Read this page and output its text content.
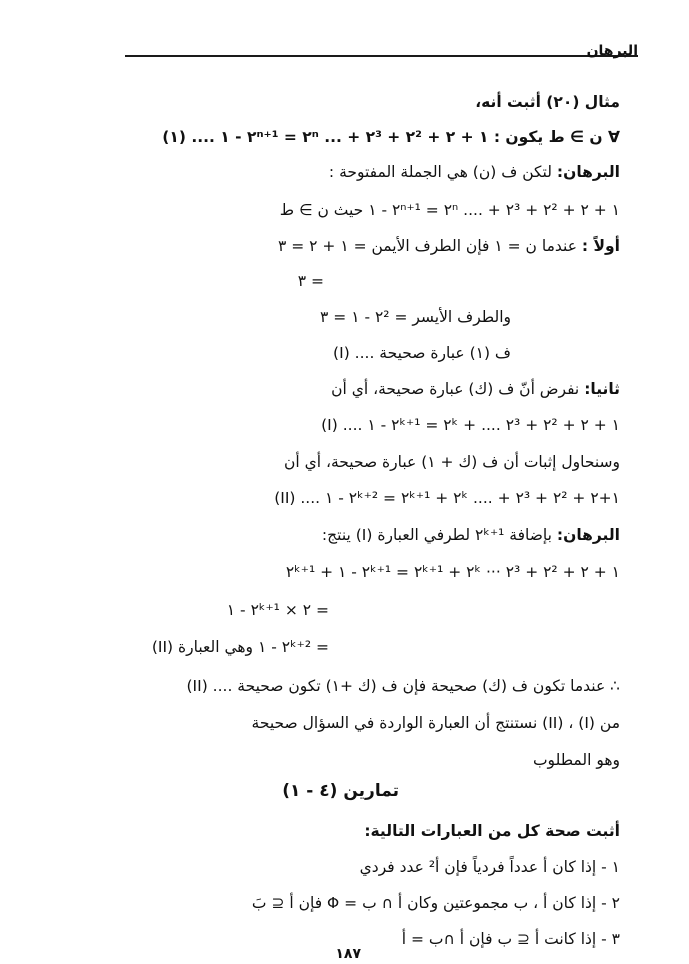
البرهان
مثال (٢٠) أثبت أنه،
∀ ن ∋ ط يكون : ١ + ٢ + ٢² + ٢³ + ... ٢ⁿ = ٢ⁿ⁺¹ - ١ .... (١)
البرهان: لتكن ف (ن) هي الجملة المفتوحة :
١ + ٢ + ٢² + ٢³ + .... ٢ⁿ = ٢ⁿ⁺¹ - ١ حيث ن ∋ ط
أولاً : عندما ن = ١ فإن الطرف الأيمن = ١ + ٢ = ٣
= ٣
والطرف الأيسر = ٢² - ١ = ٣
ف (١) عبارة صحيحة .... (I)
ثانيا: نفرض أنّ ف (ك) عبارة صحيحة، أي أن
١ + ٢ + ٢² + ٢³ .... + ٢ᵏ = ٢ᵏ⁺¹ - ١ .... (I)
وسنحاول إثبات أن ف (ك + ١) عبارة صحيحة، أي أن
١+٢ + ٢² + ٢³ + .... ٢ᵏ + ٢ᵏ⁺¹ = ٢ᵏ⁺² - ١ .... (II)
البرهان: بإضافة ٢ᵏ⁺¹ لطرفي العبارة (I) ينتج:
١ + ٢ + ٢² + ٢³ ··· ٢ᵏ + ٢ᵏ⁺¹ = ٢ᵏ⁺¹ - ١ + ٢ᵏ⁺¹
= ٢ × ٢ᵏ⁺¹ - ١
= ٢ᵏ⁺² - ١ وهي العبارة (II)
∴ عندما تكون ف (ك) صحيحة فإن ف (ك +١) تكون صحيحة .... (II)
من (I) ، (II) نستنتج أن العبارة الواردة في السؤال صحيحة
وهو المطلوب
تمارين (٤ - ١)
أثبت صحة كل من العبارات التالية:
١ - إذا كان أ عدداً فردياً فإن أ² عدد فردي
٢ - إذا كان أ ، ب مجموعتين وكان أ ∩ ب = Φ فإن أ ⊆ بَ
٣ - إذا كانت أ ⊆ ب فإن أ ∩ب = أ
١٨٧
